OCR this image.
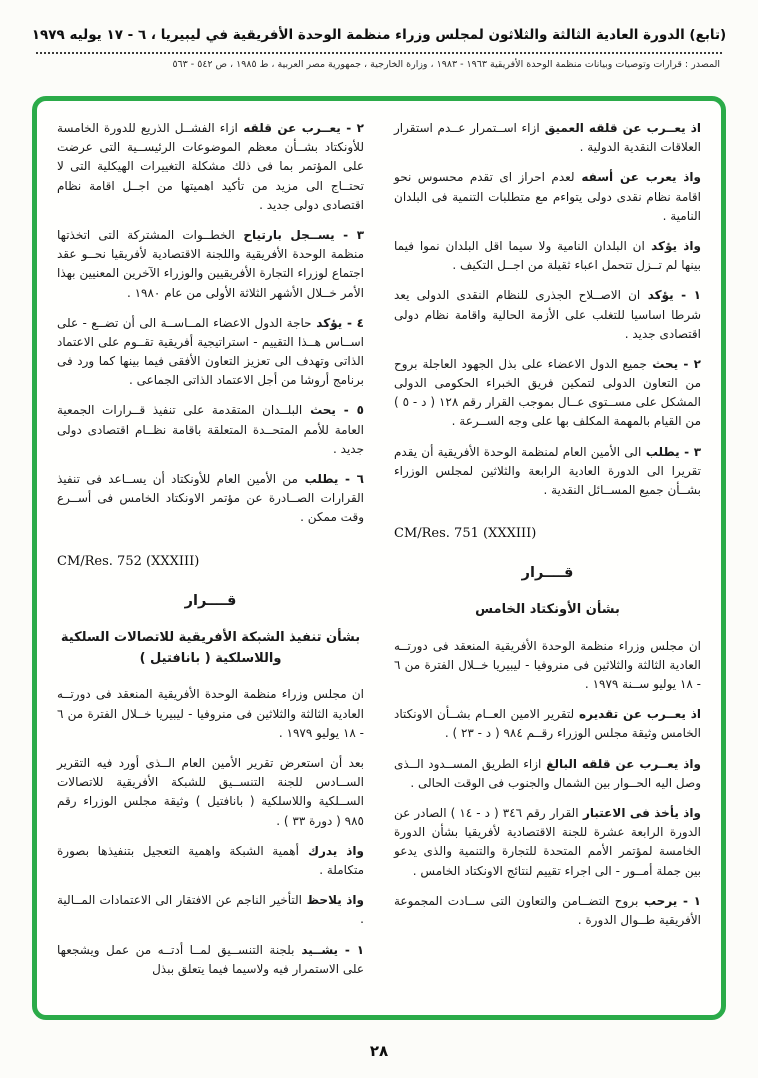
(تابع) الدورة العادية الثالثة والثلاثون لمجلس وزراء منظمة الوحدة الأفريقية في ليبيريا ، ٦ - ١٧ يوليه ١٩٧٩
المصدر : قرارات وتوصيات وبيانات منظمة الوحدة الأفريقية ١٩٦٣ - ١٩٨٣ ، وزارة الخارجية ، جمهورية مصر العربية ، ط ١٩٨٥ ، ص ٥٤٢ - ٥٦٣

اذ يعــرب عن قلقه العميق ازاء اســتمرار عــدم استقرار العلاقات النقدية الدولية .

واذ يعرب عن أسفه لعدم احراز اى تقدم محسوس نحو اقامة نظام نقدى دولى يتواءم مع متطلبات التنمية فى البلدان النامية .

واذ يؤكد ان البلدان النامية ولا سيما اقل البلدان نموا فيما بينها لم تــزل تتحمل اعباء ثقيلة من اجــل التكيف .

١ - يؤكد ان الاصــلاح الجذرى للنظام النقدى الدولى يعد شرطا اساسيا للتغلب على الأزمة الحالية واقامة نظام دولى اقتصادى جديد .

٢ - يحث جميع الدول الاعضاء على بذل الجهود العاجلة بروح من التعاون الدولى لتمكين فريق الخبراء الحكومى الدولى المشكل على مســتوى عــال بموجب القرار رقم ١٢٨ ( د - ٥ ) من القيام بالمهمة المكلف بها على وجه الســرعة .

٣ - يطلب الى الأمين العام لمنظمة الوحدة الأفريقية أن يقدم تقريرا الى الدورة العادية الرابعة والثلاثين لمجلس الوزراء بشــأن جميع المســائل النقدية .

CM/Res. 751 (XXXIII)

قــــرار
بشأن الأونكتاد الخامس

ان مجلس وزراء منظمة الوحدة الأفريقية المنعقد فى دورتــه العادية الثالثة والثلاثين فى منروفيا - ليبيريا خــلال الفترة من ٦ - ١٨ يوليو ســنة ١٩٧٩ .

اذ يعــرب عن تقديره لتقرير الامين العــام بشــأن الاونكتاد الخامس وثيقة مجلس الوزراء رقــم ٩٨٤ ( د - ٢٣ ) .

واذ يعــرب عن قلقه البالغ ازاء الطريق المســدود الــذى وصل اليه الحــوار بين الشمال والجنوب فى الوقت الحالى .

واذ يأخذ فى الاعتبار القرار رقم ٣٤٦ ( د - ١٤ ) الصادر عن الدورة الرابعة عشرة للجنة الاقتصادية لأفريقيا بشأن الدورة الخامسة لمؤتمر الأمم المتحدة للتجارة والتنمية والذى يدعو بين جملة أمــور - الى اجراء تقييم لنتائج الاونكتاد الخامس .

١ - يرحب بروح التضــامن والتعاون التى ســادت المجموعة الأفريقية طــوال الدورة .

٢ - يعــرب عن قلقه ازاء الفشــل الذريع للدورة الخامسة للأونكتاد بشــأن معظم الموضوعات الرئيســية التى عرضت على المؤتمر بما فى ذلك مشكلة التغييرات الهيكلية التى لا تحتــاج الى مزيد من تأكيد اهميتها من اجــل اقامة نظام اقتصادى دولى جديد .

٣ - يســجل بارتياح الخطــوات المشتركة التى اتخذتها منظمة الوحدة الأفريقية واللجنة الاقتصادية لأفريقيا نحــو عقد اجتماع لوزراء التجارة الأفريقيين والوزراء الآخرين المعنيين بهذا الأمر خــلال الأشهر الثلاثة الأولى من عام ١٩٨٠ .

٤ - يؤكد حاجة الدول الاعضاء المــاســة الى أن تضــع - على اســاس هــذا التقييم - استراتيجية أفريقية تقــوم على الاعتماد الذاتى وتهدف الى تعزيز التعاون الأفقى فيما بينها كما ورد فى برنامج أروشا من أجل الاعتماد الذاتى الجماعى .

٥ - يحث البلــدان المتقدمة على تنفيذ قــرارات الجمعية العامة للأمم المتحــدة المتعلقة باقامة نظــام اقتصادى دولى جديد .

٦ - يطلب من الأمين العام للأونكتاد أن يســاعد فى تنفيذ القرارات الصــادرة عن مؤتمر الاونكتاد الخامس فى أســرع وقت ممكن .

CM/Res. 752 (XXXIII)

قــــرار
بشأن تنفيذ الشبكة الأفريقية للاتصالات السلكية واللاسلكية ( بانافتيل )

ان مجلس وزراء منظمة الوحدة الأفريقية المنعقد فى دورتــه العادية الثالثة والثلاثين فى منروفيا - ليبيريا خــلال الفترة من ٦ - ١٨ يوليو ١٩٧٩ .

بعد أن استعرض تقرير الأمين العام الــذى أورد فيه التقرير الســادس للجنة التنســيق للشبكة الأفريقية للاتصالات الســلكية واللاسلكية ( بانافتيل ) وثيقة مجلس الوزراء رقم ٩٨٥ ( دورة ٣٣ ) .

واذ يدرك أهمية الشبكة واهمية التعجيل بتنفيذها بصورة متكاملة .

واذ يلاحظ التأخير الناجم عن الافتقار الى الاعتمادات المــالية .

١ - يشــيد بلجنة التنســيق لمــا أدتــه من عمل ويشجعها على الاستمرار فيه ولاسيما فيما يتعلق ببذل

٢٨
